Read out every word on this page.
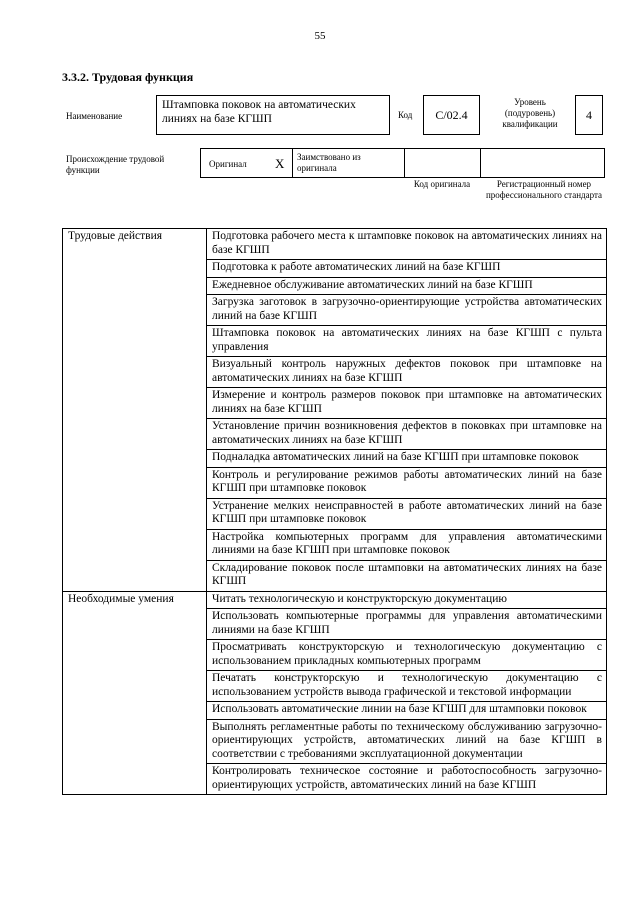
55
3.3.2. Трудовая функция
Наименование
Штамповка поковок на автоматических линиях на базе КГШП	Код	С/02.4
Уровень (подуровень) квалификации
4
Происхождение трудовой функции
Оригинал X	Заимствовано из оригинала
Код оригинала	Регистрационный номер профессионального стандарта
Трудовые действия	Подготовка рабочего места к штамповке поковок на автоматических линиях на базе КГШП
	Подготовка к работе автоматических линий на базе КГШП
	Ежедневное обслуживание автоматических линий на базе КГШП
	Загрузка заготовок в загрузочно-ориентирующие устройства автоматических линий на базе КГШП
	Штамповка поковок на автоматических линиях на базе КГШП с пульта управления
	Визуальный контроль наружных дефектов поковок при штамповке на автоматических линиях на базе КГШП
	Измерение и контроль размеров поковок при штамповке на автоматических линиях на базе КГШП
	Установление причин возникновения дефектов в поковках при штамповке на автоматических линиях на базе КГШП
	Подналадка автоматических линий на базе КГШП при штамповке поковок
	Контроль и регулирование режимов работы автоматических линий на базе КГШП при штамповке поковок
	Устранение мелких неисправностей в работе автоматических линий на базе КГШП при штамповке поковок
	Настройка компьютерных программ для управления автоматическими линиями на базе КГШП при штамповке поковок
	Складирование поковок после штамповки на автоматических линиях на базе КГШП
Необходимые умения	Читать технологическую и конструкторскую документацию
	Использовать компьютерные программы для управления автоматическими линиями на базе КГШП
	Просматривать конструкторскую и технологическую документацию с использованием прикладных компьютерных программ
	Печатать конструкторскую и технологическую документацию с использованием устройств вывода графической и текстовой информации
	Использовать автоматические линии на базе КГШП для штамповки поковок
	Выполнять регламентные работы по техническому обслуживанию загрузочно-ориентирующих устройств, автоматических линий на базе КГШП в соответствии с требованиями эксплуатационной документации
	Контролировать техническое состояние и работоспособность загрузочно-ориентирующих устройств, автоматических линий на базе КГШП
